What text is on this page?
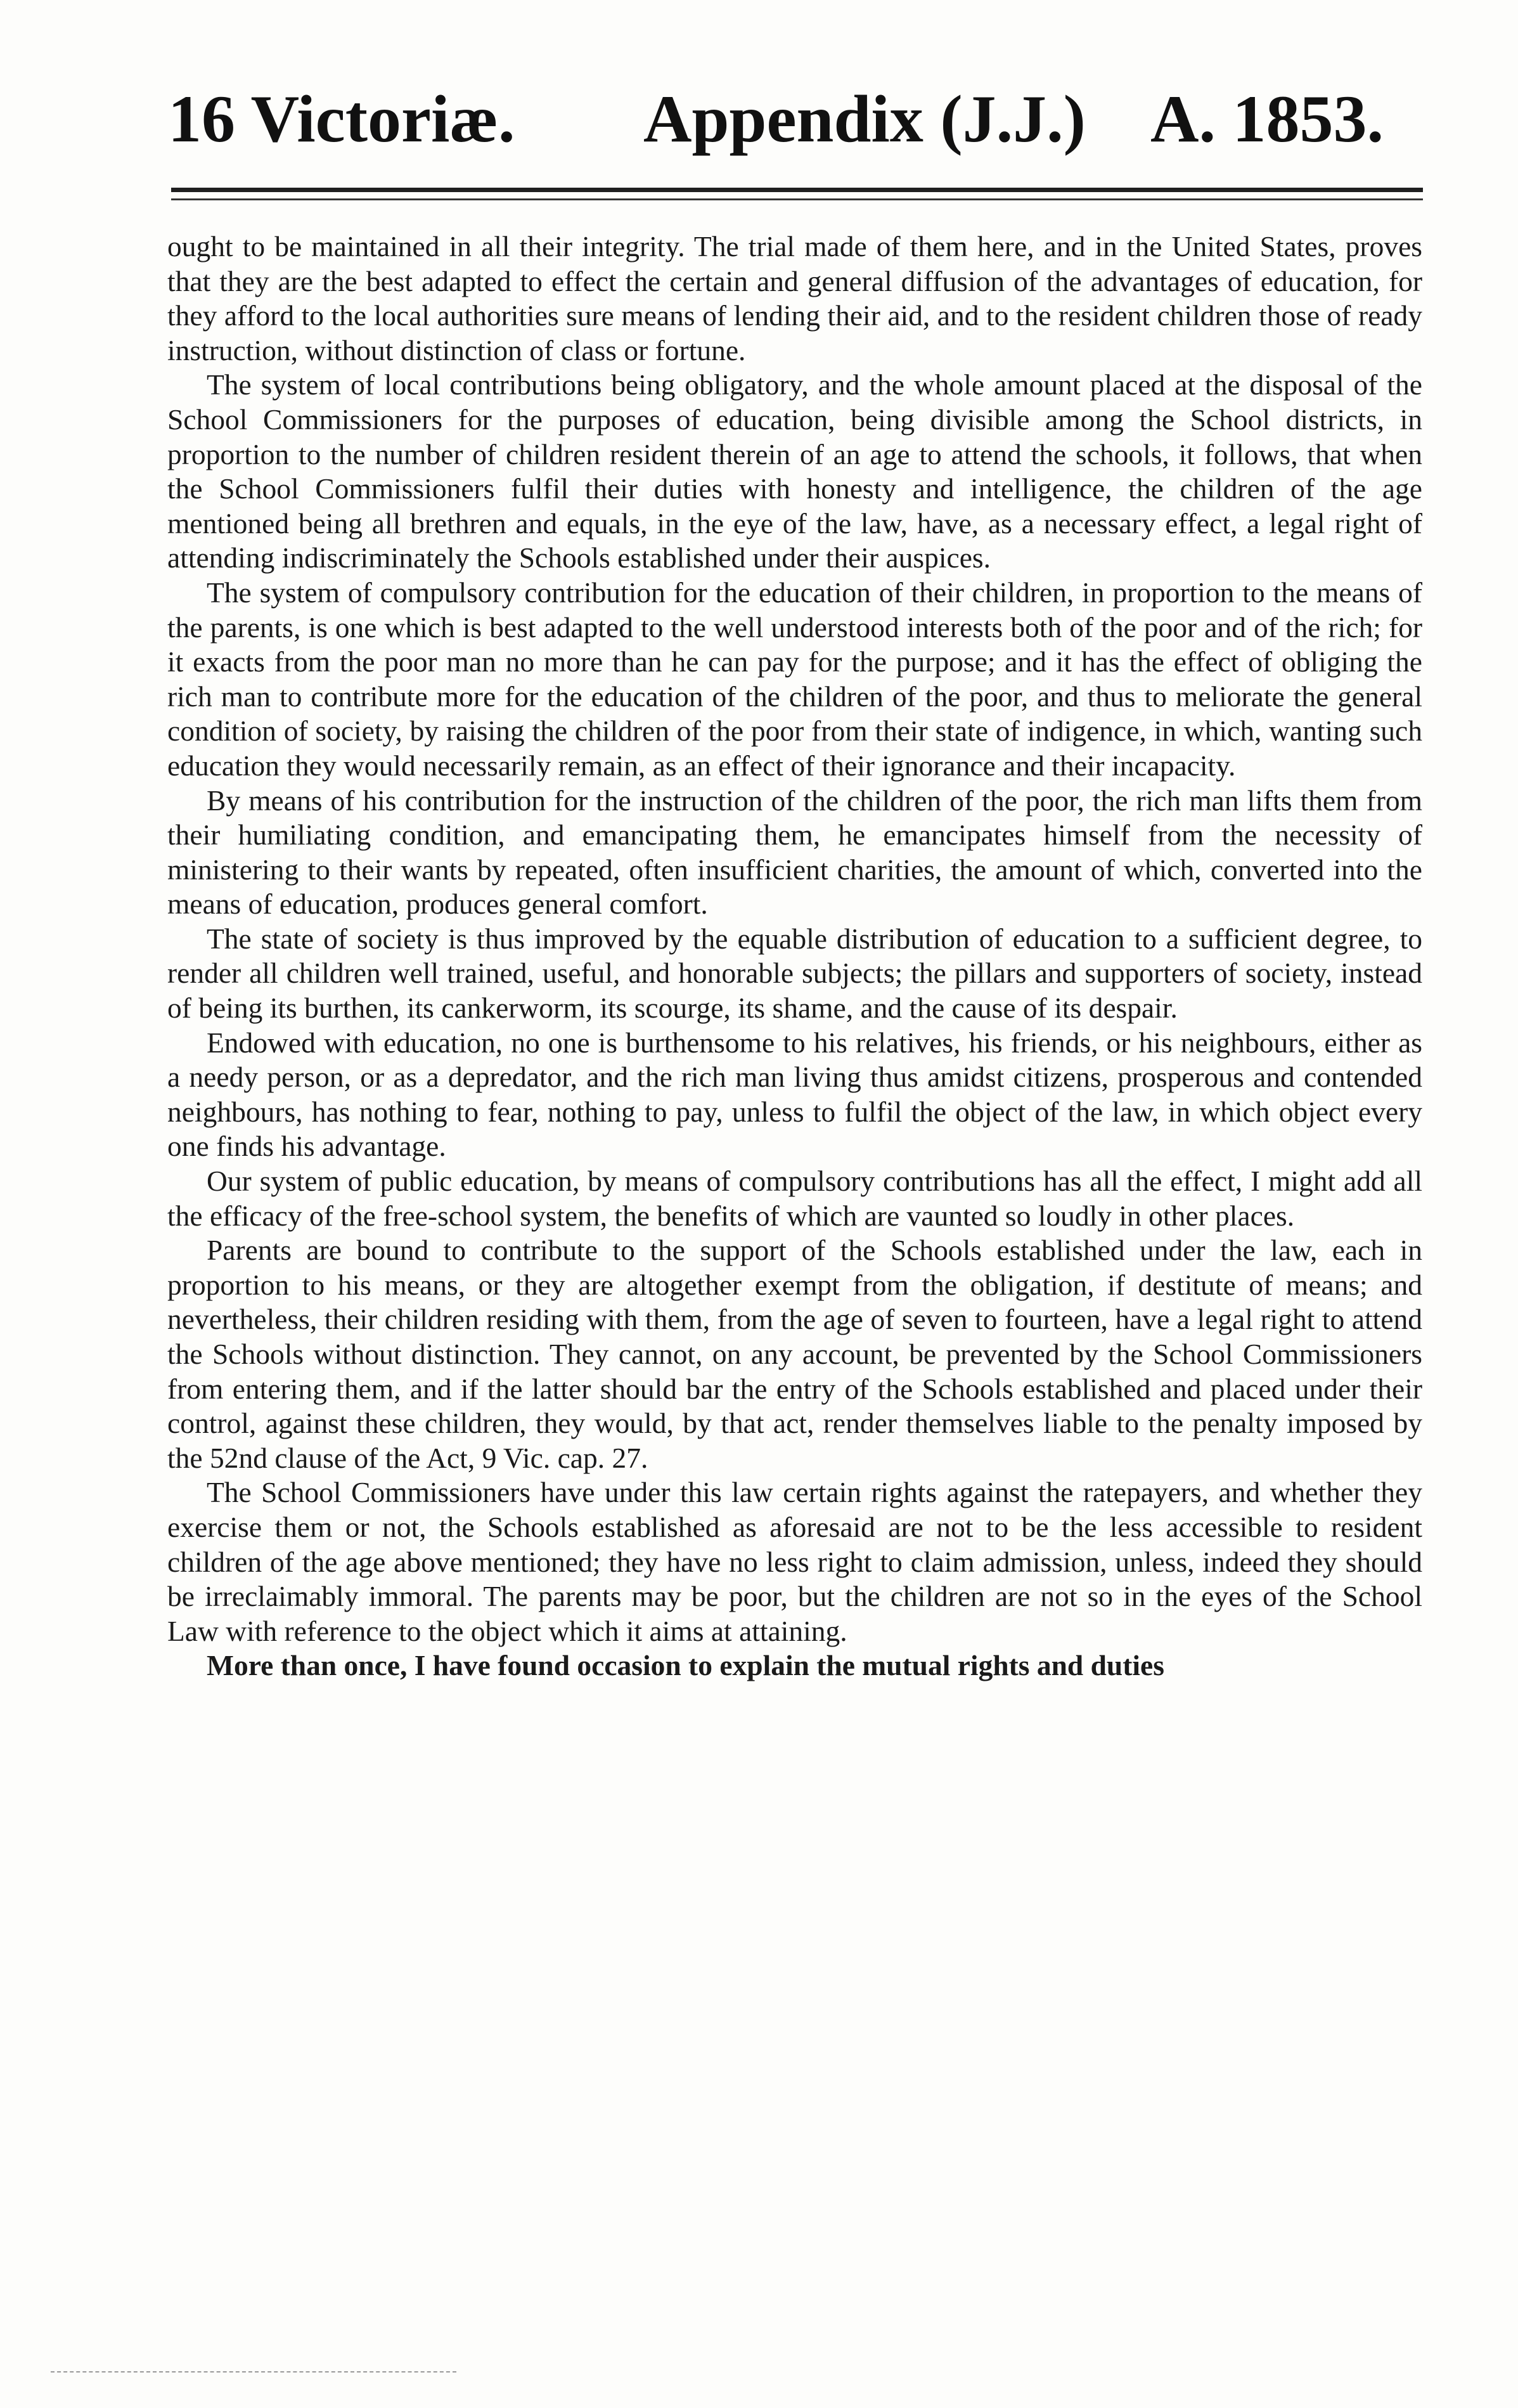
16 Victoriæ. Appendix (J.J.) A. 1853.

ought to be maintained in all their integrity. The trial made of them here, and in the United States, proves that they are the best adapted to effect the certain and general diffusion of the advantages of education, for they afford to the local authorities sure means of lending their aid, and to the resident children those of ready instruction, without distinction of class or fortune.

The system of local contributions being obligatory, and the whole amount placed at the disposal of the School Commissioners for the purposes of education, being divisible among the School districts, in proportion to the number of children resident therein of an age to attend the schools, it follows, that when the School Commissioners fulfil their duties with honesty and intelligence, the children of the age mentioned being all brethren and equals, in the eye of the law, have, as a necessary effect, a legal right of attending indiscriminately the Schools established under their auspices.

The system of compulsory contribution for the education of their children, in proportion to the means of the parents, is one which is best adapted to the well understood interests both of the poor and of the rich; for it exacts from the poor man no more than he can pay for the purpose; and it has the effect of obliging the rich man to contribute more for the education of the children of the poor, and thus to meliorate the general condition of society, by raising the children of the poor from their state of indigence, in which, wanting such education they would necessarily remain, as an effect of their ignorance and their incapacity.

By means of his contribution for the instruction of the children of the poor, the rich man lifts them from their humiliating condition, and emancipating them, he emancipates himself from the necessity of ministering to their wants by repeated, often insufficient charities, the amount of which, converted into the means of education, produces general comfort.

The state of society is thus improved by the equable distribution of education to a sufficient degree, to render all children well trained, useful, and honorable subjects; the pillars and supporters of society, instead of being its burthen, its cankerworm, its scourge, its shame, and the cause of its despair.

Endowed with education, no one is burthensome to his relatives, his friends, or his neighbours, either as a needy person, or as a depredator, and the rich man living thus amidst citizens, prosperous and contended neighbours, has nothing to fear, nothing to pay, unless to fulfil the object of the law, in which object every one finds his advantage.

Our system of public education, by means of compulsory contributions has all the effect, I might add all the efficacy of the free-school system, the benefits of which are vaunted so loudly in other places.

Parents are bound to contribute to the support of the Schools established under the law, each in proportion to his means, or they are altogether exempt from the obligation, if destitute of means; and nevertheless, their children residing with them, from the age of seven to fourteen, have a legal right to attend the Schools without distinction. They cannot, on any account, be prevented by the School Commissioners from entering them, and if the latter should bar the entry of the Schools established and placed under their control, against these children, they would, by that act, render themselves liable to the penalty imposed by the 52nd clause of the Act, 9 Vic. cap. 27.

The School Commissioners have under this law certain rights against the ratepayers, and whether they exercise them or not, the Schools established as aforesaid are not to be the less accessible to resident children of the age above mentioned; they have no less right to claim admission, unless, indeed they should be irreclaimably immoral. The parents may be poor, but the children are not so in the eyes of the School Law with reference to the object which it aims at attaining.

More than once, I have found occasion to explain the mutual rights and duties
